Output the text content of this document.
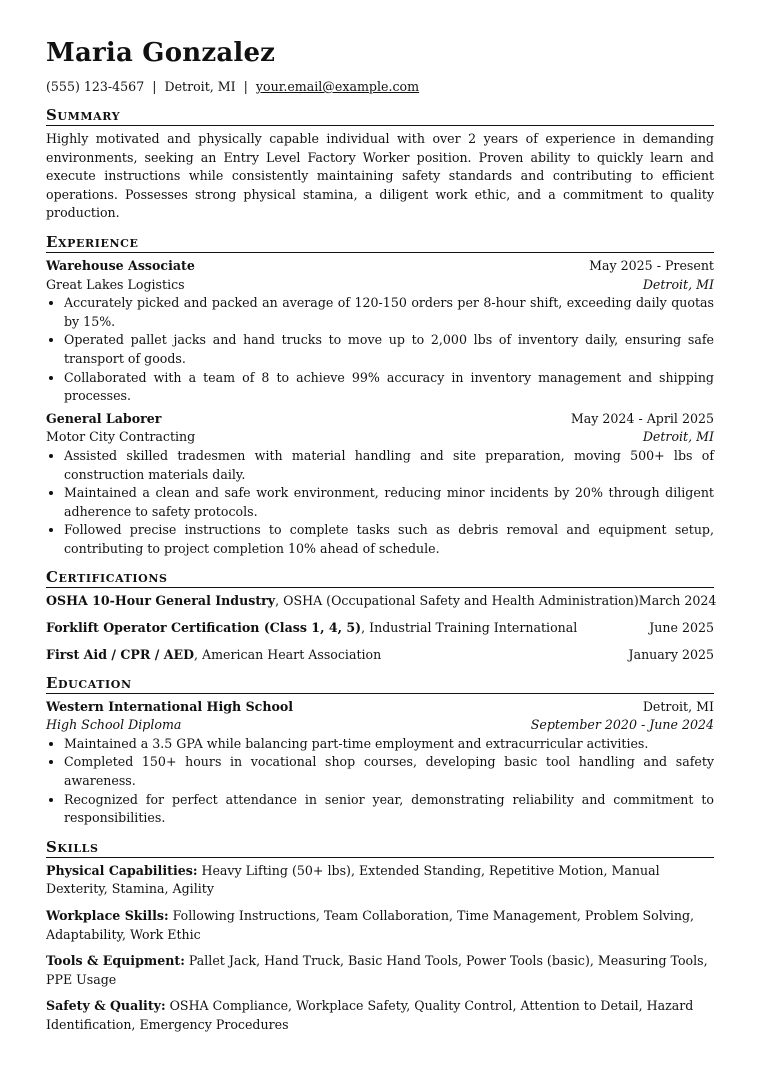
Maria Gonzalez
(555) 123-4567 | Detroit, MI | your.email@example.com
Summary

Highly motivated and physically capable individual with over 2 years of experience in demanding environments, seeking an Entry Level Factory Worker position. Proven ability to quickly learn and execute instructions while consistently maintaining safety standards and contributing to efficient operations. Possesses strong physical stamina, a diligent work ethic, and a commitment to quality production.

Experience
Warehouse Associate	May 2025 - Present
Great Lakes Logistics	Detroit, MI
• Accurately picked and packed an average of 120-150 orders per 8-hour shift, exceeding daily quotas by 15%.
• Operated pallet jacks and hand trucks to move up to 2,000 lbs of inventory daily, ensuring safe transport of goods.
• Collaborated with a team of 8 to achieve 99% accuracy in inventory management and shipping processes.
General Laborer	May 2024 - April 2025
Motor City Contracting	Detroit, MI
• Assisted skilled tradesmen with material handling and site preparation, moving 500+ lbs of construction materials daily.
• Maintained a clean and safe work environment, reducing minor incidents by 20% through diligent adherence to safety protocols.
• Followed precise instructions to complete tasks such as debris removal and equipment setup, contributing to project completion 10% ahead of schedule.
Certifications
OSHA 10-Hour General Industry, OSHA (Occupational Safety and Health Administration) March 2024
Forklift Operator Certification (Class 1, 4, 5), Industrial Training International	June 2025
First Aid / CPR / AED, American Heart Association	January 2025
Education
Western International High School	Detroit, MI
High School Diploma	September 2020 - June 2024
• Maintained a 3.5 GPA while balancing part-time employment and extracurricular activities.
• Completed 150+ hours in vocational shop courses, developing basic tool handling and safety awareness.
• Recognized for perfect attendance in senior year, demonstrating reliability and commitment to responsibilities.
Skills

Physical Capabilities: Heavy Lifting (50+ lbs), Extended Standing, Repetitive Motion, Manual Dexterity, Stamina, Agility

Workplace Skills: Following Instructions, Team Collaboration, Time Management, Problem Solving, Adaptability, Work Ethic

Tools & Equipment: Pallet Jack, Hand Truck, Basic Hand Tools, Power Tools (basic), Measuring Tools, PPE Usage

Safety & Quality: OSHA Compliance, Workplace Safety, Quality Control, Attention to Detail, Hazard Identification, Emergency Procedures
